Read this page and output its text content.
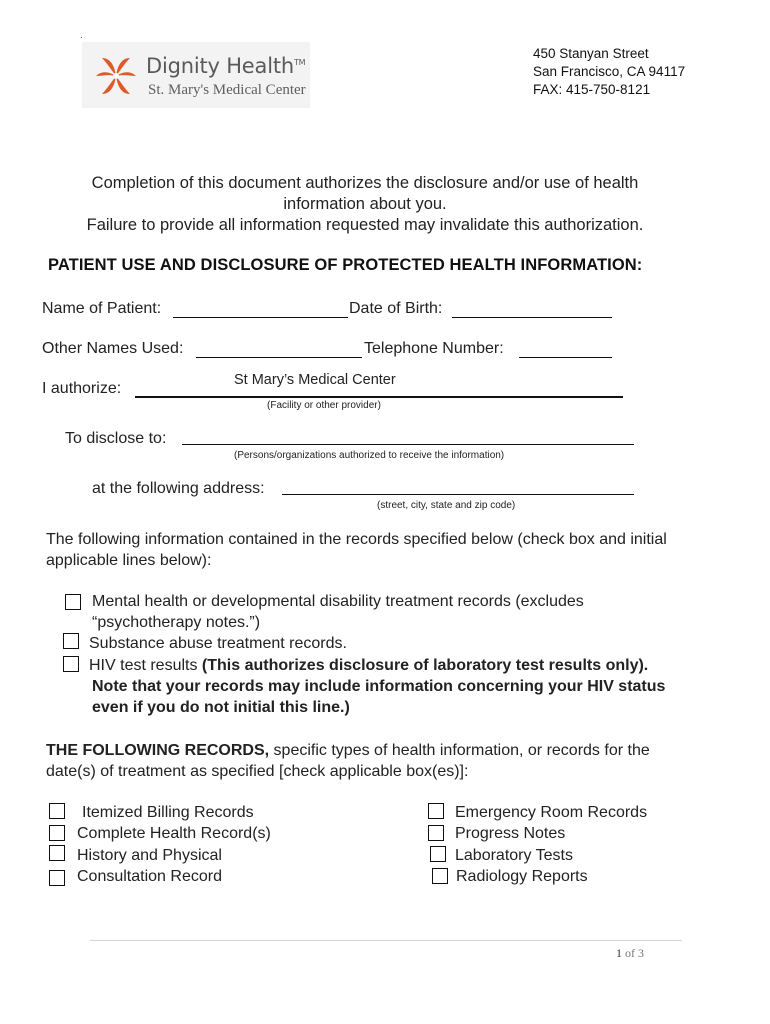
.
Dignity Health™
St. Mary's Medical Center
450 Stanyan Street
San Francisco, CA 94117
FAX: 415-750-8121
Completion of this document authorizes the disclosure and/or use of health
information about you.
Failure to provide all information requested may invalidate this authorization.
PATIENT USE AND DISCLOSURE OF PROTECTED HEALTH INFORMATION:
Name of Patient:	Date of Birth:
Other Names Used:	Telephone Number:
I authorize:	St Mary’s Medical Center
(Facility or other provider)
To disclose to:
(Persons/organizations authorized to receive the information)
at the following address:
(street, city, state and zip code)
The following information contained in the records specified below (check box and initial
applicable lines below):
Mental health or developmental disability treatment records (excludes
“psychotherapy notes.”)
Substance abuse treatment records.
HIV test results (This authorizes disclosure of laboratory test results only).
Note that your records may include information concerning your HIV status
even if you do not initial this line.)
THE FOLLOWING RECORDS, specific types of health information, or records for the
date(s) of treatment as specified [check applicable box(es)]:
Itemized Billing Records
Complete Health Record(s)
History and Physical
Consultation Record
Emergency Room Records
Progress Notes
Laboratory Tests
Radiology Reports
1 of 3
